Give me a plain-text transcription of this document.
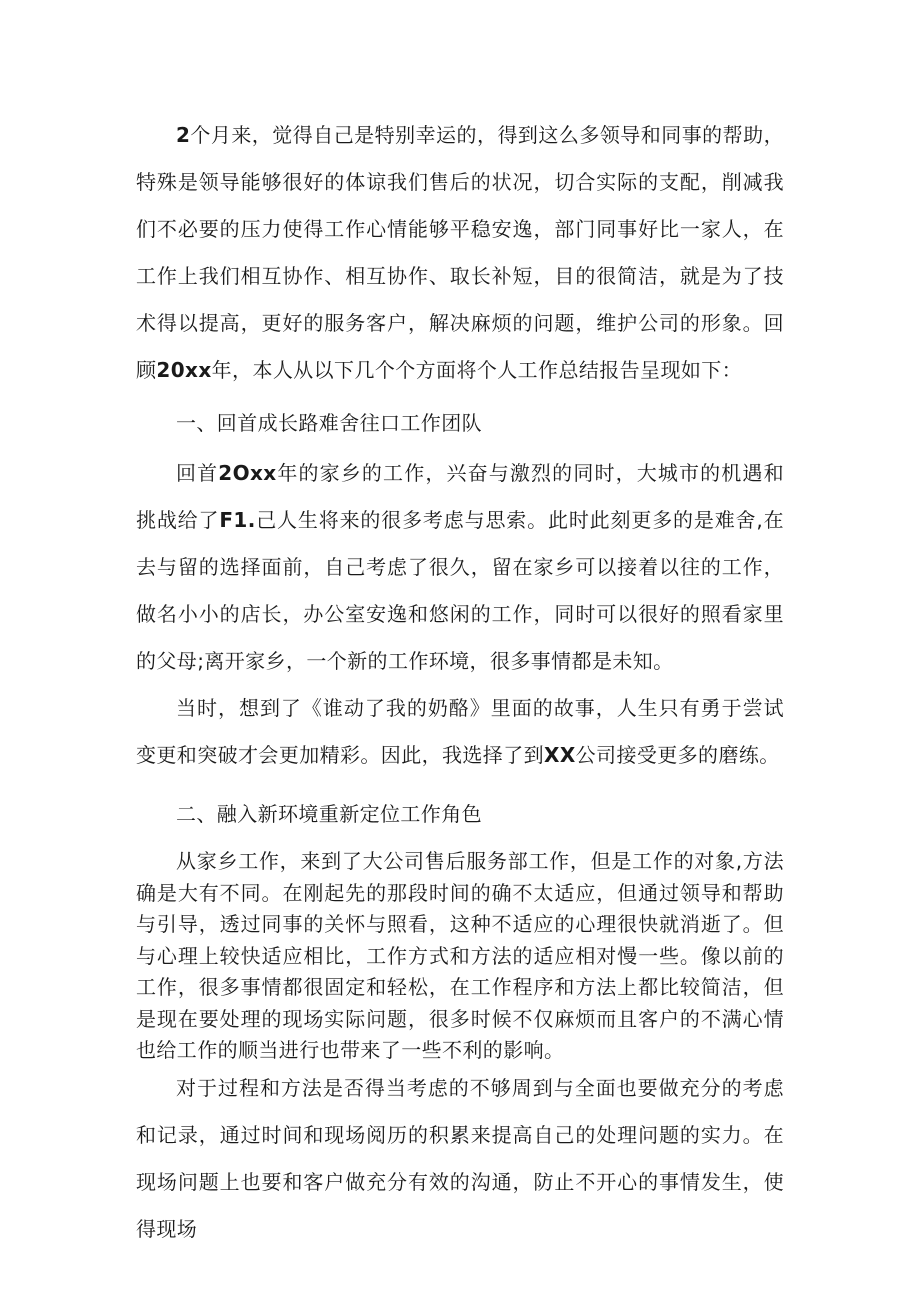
2个月来，觉得自己是特别幸运的，得到这么多领导和同事的帮助，特殊是领导能够很好的体谅我们售后的状况，切合实际的支配，削减我们不必要的压力使得工作心情能够平稳安逸，部门同事好比一家人，在工作上我们相互协作、相互协作、取长补短，目的很简洁，就是为了技术得以提高，更好的服务客户，解决麻烦的问题，维护公司的形象。回顾20xx年，本人从以下几个个方面将个人工作总结报告呈现如下：

一、回首成长路难舍往口工作团队

回首2Oxx年的家乡的工作，兴奋与激烈的同时，大城市的机遇和挑战给了F1.己人生将来的很多考虑与思索。此时此刻更多的是难舍,在去与留的选择面前，自己考虑了很久，留在家乡可以接着以往的工作，做名小小的店长，办公室安逸和悠闲的工作，同时可以很好的照看家里的父母;离开家乡，一个新的工作环境，很多事情都是未知。

当时，想到了《谁动了我的奶酪》里面的故事，人生只有勇于尝试变更和突破才会更加精彩。因此，我选择了到XX公司接受更多的磨练。

二、融入新环境重新定位工作角色

从家乡工作，来到了大公司售后服务部工作，但是工作的对象,方法确是大有不同。在刚起先的那段时间的确不太适应，但通过领导和帮助与引导，透过同事的关怀与照看，这种不适应的心理很快就消逝了。但与心理上较快适应相比，工作方式和方法的适应相对慢一些。像以前的工作，很多事情都很固定和轻松，在工作程序和方法上都比较简洁，但是现在要处理的现场实际问题，很多时候不仅麻烦而且客户的不满心情也给工作的顺当进行也带来了一些不利的影响。

对于过程和方法是否得当考虑的不够周到与全面也要做充分的考虑和记录，通过时间和现场阅历的积累来提高自己的处理问题的实力。在现场问题上也要和客户做充分有效的沟通，防止不开心的事情发生，使得现场
